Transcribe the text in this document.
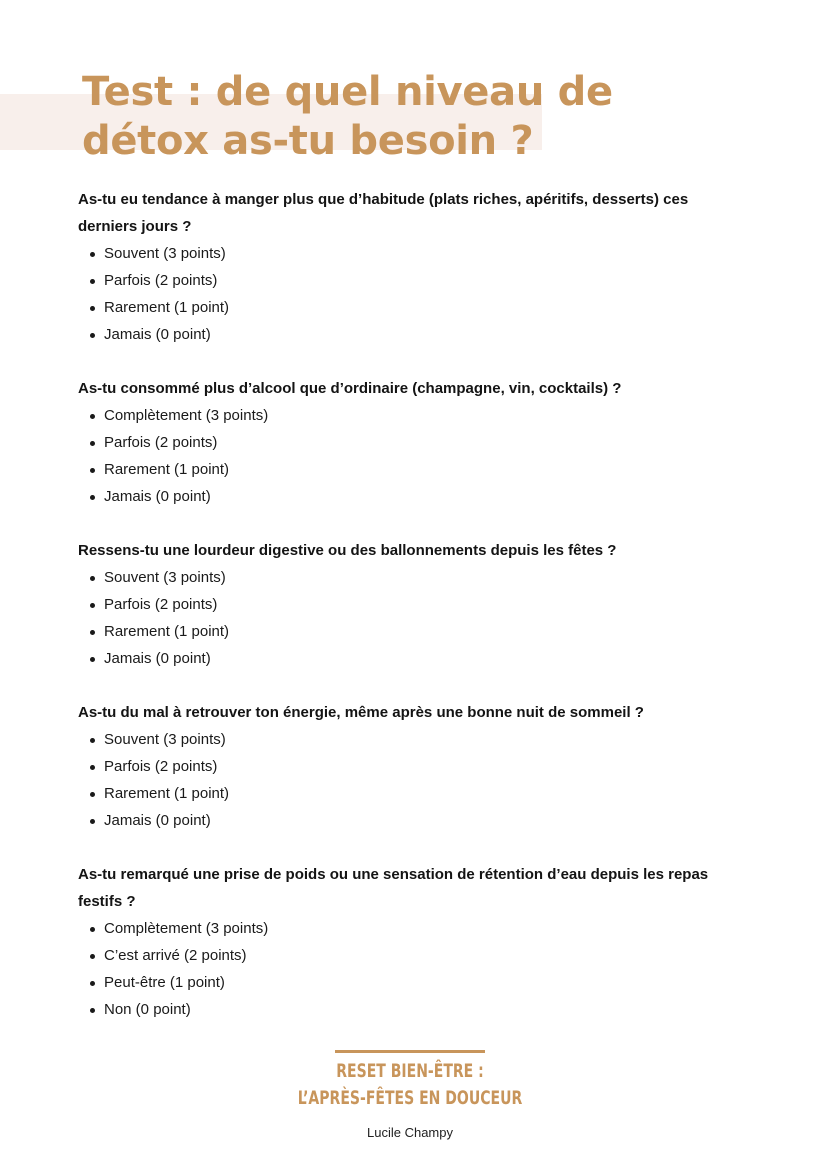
Test : de quel niveau de
détox as-tu besoin ?

As-tu eu tendance à manger plus que d’habitude (plats riches, apéritifs, desserts) ces derniers jours ?

Souvent (3 points)
Parfois (2 points)
Rarement (1 point)
Jamais (0 point)

As-tu consommé plus d’alcool que d’ordinaire (champagne, vin, cocktails) ?

Complètement (3 points)
Parfois (2 points)
Rarement (1 point)
Jamais (0 point)

Ressens-tu une lourdeur digestive ou des ballonnements depuis les fêtes ?

Souvent (3 points)
Parfois (2 points)
Rarement (1 point)
Jamais (0 point)

As-tu du mal à retrouver ton énergie, même après une bonne nuit de sommeil ?

Souvent (3 points)
Parfois (2 points)
Rarement (1 point)
Jamais (0 point)

As-tu remarqué une prise de poids ou une sensation de rétention d’eau depuis les repas festifs ?

Complètement (3 points)
C’est arrivé (2 points)
Peut-être (1 point)
Non (0 point)

RESET BIEN-ÊTRE :
L’APRÈS-FÊTES EN DOUCEUR

Lucile Champy
